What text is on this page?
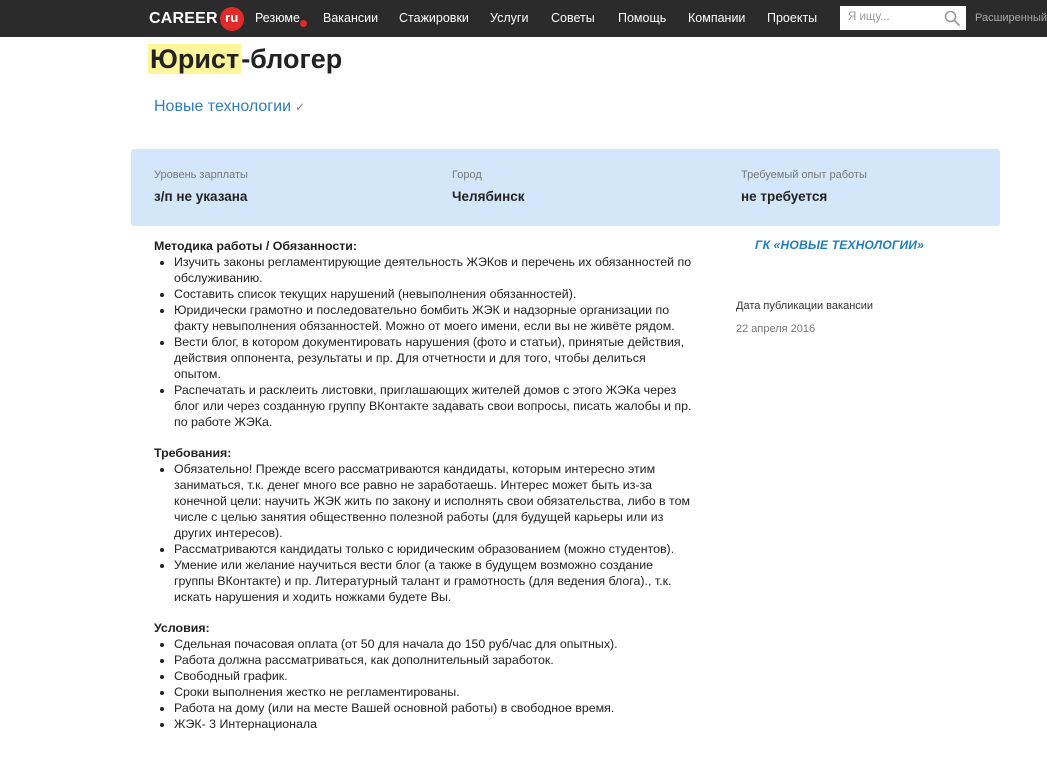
CAREER ru	Резюме Вакансии Стажировки Услуги Советы Помощь Компании Проекты
Я ищу...	Расширенный
Юрист-блогер
Новые технологии ✓
Уровень зарплаты
з/п не указана
Город
Челябинск
Требуемый опыт работы
не требуется
Методика работы / Обязанности:
• Изучить законы регламентирующие деятельность ЖЭКов и перечень их обязанностей по обслуживанию.
• Составить список текущих нарушений (невыполнения обязанностей).
• Юридически грамотно и последовательно бомбить ЖЭК и надзорные организации по факту невыполнения обязанностей. Можно от моего имени, если вы не живёте рядом.
• Вести блог, в котором документировать нарушения (фото и статьи), принятые действия, действия оппонента, результаты и пр. Для отчетности и для того, чтобы делиться опытом.
• Распечатать и расклеить листовки, приглашающих жителей домов с этого ЖЭКа через блог или через созданную группу ВКонтакте задавать свои вопросы, писать жалобы и пр. по работе ЖЭКа.
Требования:
• Обязательно! Прежде всего рассматриваются кандидаты, которым интересно этим заниматься, т.к. денег много все равно не заработаешь. Интерес может быть из-за конечной цели: научить ЖЭК жить по закону и исполнять свои обязательства, либо в том числе с целью занятия общественно полезной работы (для будущей карьеры или из других интересов).
• Рассматриваются кандидаты только с юридическим образованием (можно студентов).
• Умение или желание научиться вести блог (а также в будущем возможно создание группы ВКонтакте) и пр. Литературный талант и грамотность (для ведения блога)., т.к. искать нарушения и ходить ножками будете Вы.
Условия:
• Сдельная почасовая оплата (от 50 для начала до 150 руб/час для опытных).
• Работа должна рассматриваться, как дополнительный заработок.
• Свободный график.
• Сроки выполнения жестко не регламентированы.
• Работа на дому (или на месте Вашей основной работы) в свободное время.
• ЖЭК- 3 Интернационала
ГК «НОВЫЕ ТЕХНОЛОГИИ»
Дата публикации вакансии
22 апреля 2016
